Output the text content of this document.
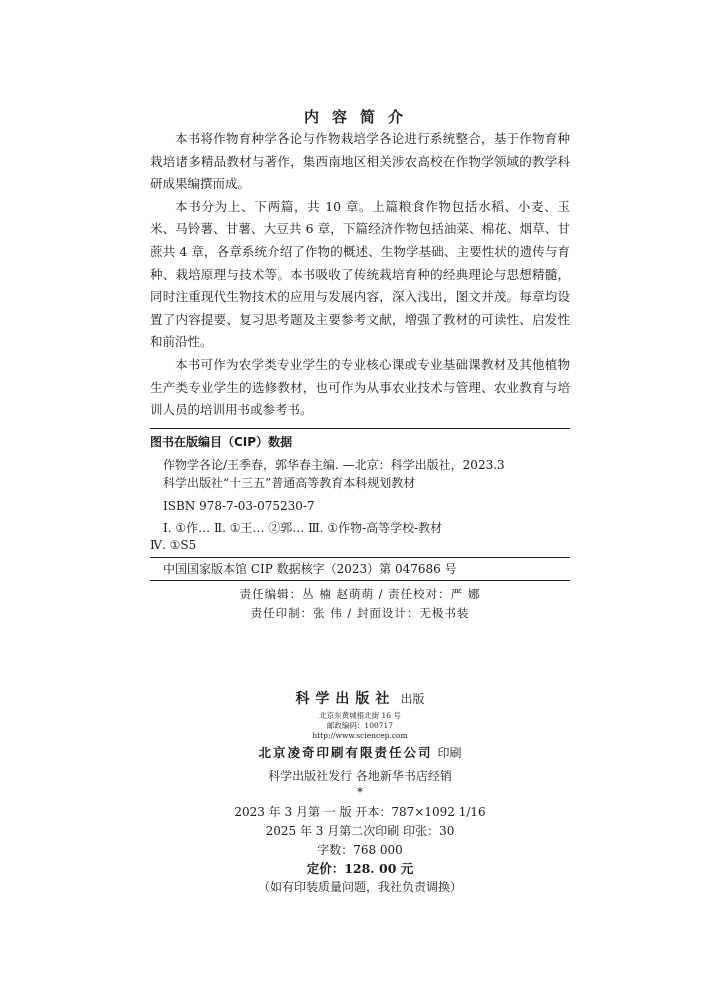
内容简介

本书将作物育种学各论与作物栽培学各论进行系统整合，基于作物育种栽培诸多精品教材与著作，集西南地区相关涉农高校在作物学领域的教学科研成果编撰而成。

本书分为上、下两篇，共 10 章。上篇粮食作物包括水稻、小麦、玉米、马铃薯、甘薯、大豆共 6 章，下篇经济作物包括油菜、棉花、烟草、甘蔗共 4 章，各章系统介绍了作物的概述、生物学基础、主要性状的遗传与育种、栽培原理与技术等。本书吸收了传统栽培育种的经典理论与思想精髓，同时注重现代生物技术的应用与发展内容，深入浅出，图文并茂。每章均设置了内容提要、复习思考题及主要参考文献，增强了教材的可读性、启发性和前沿性。

本书可作为农学类专业学生的专业核心课或专业基础课教材及其他植物生产类专业学生的选修教材，也可作为从事农业技术与管理、农业教育与培训人员的培训用书或参考书。

图书在版编目（CIP）数据
作物学各论/王季春，郭华春主编. —北京：科学出版社，2023.3
科学出版社“十三五”普通高等教育本科规划教材
ISBN 978-7-03-075230-7
Ⅰ. ①作… Ⅱ. ①王… ②郭… Ⅲ. ①作物-高等学校-教材
Ⅳ. ①S5
中国国家版本馆 CIP 数据核字（2023）第 047686 号
责任编辑：丛 楠 赵萌萌 / 责任校对：严 娜
责任印制：张 伟 / 封面设计：无极书装
科学出版社 出版
北京东黄城根北街 16 号
邮政编码：100717
http://www.sciencep.com
北京凌奇印刷有限责任公司 印刷
科学出版社发行 各地新华书店经销
*
2023 年 3 月第 一 版 开本：787×1092 1/16
2025 年 3 月第二次印刷 印张：30
字数：768 000
定价：128. 00 元
（如有印装质量问题，我社负责调换）
